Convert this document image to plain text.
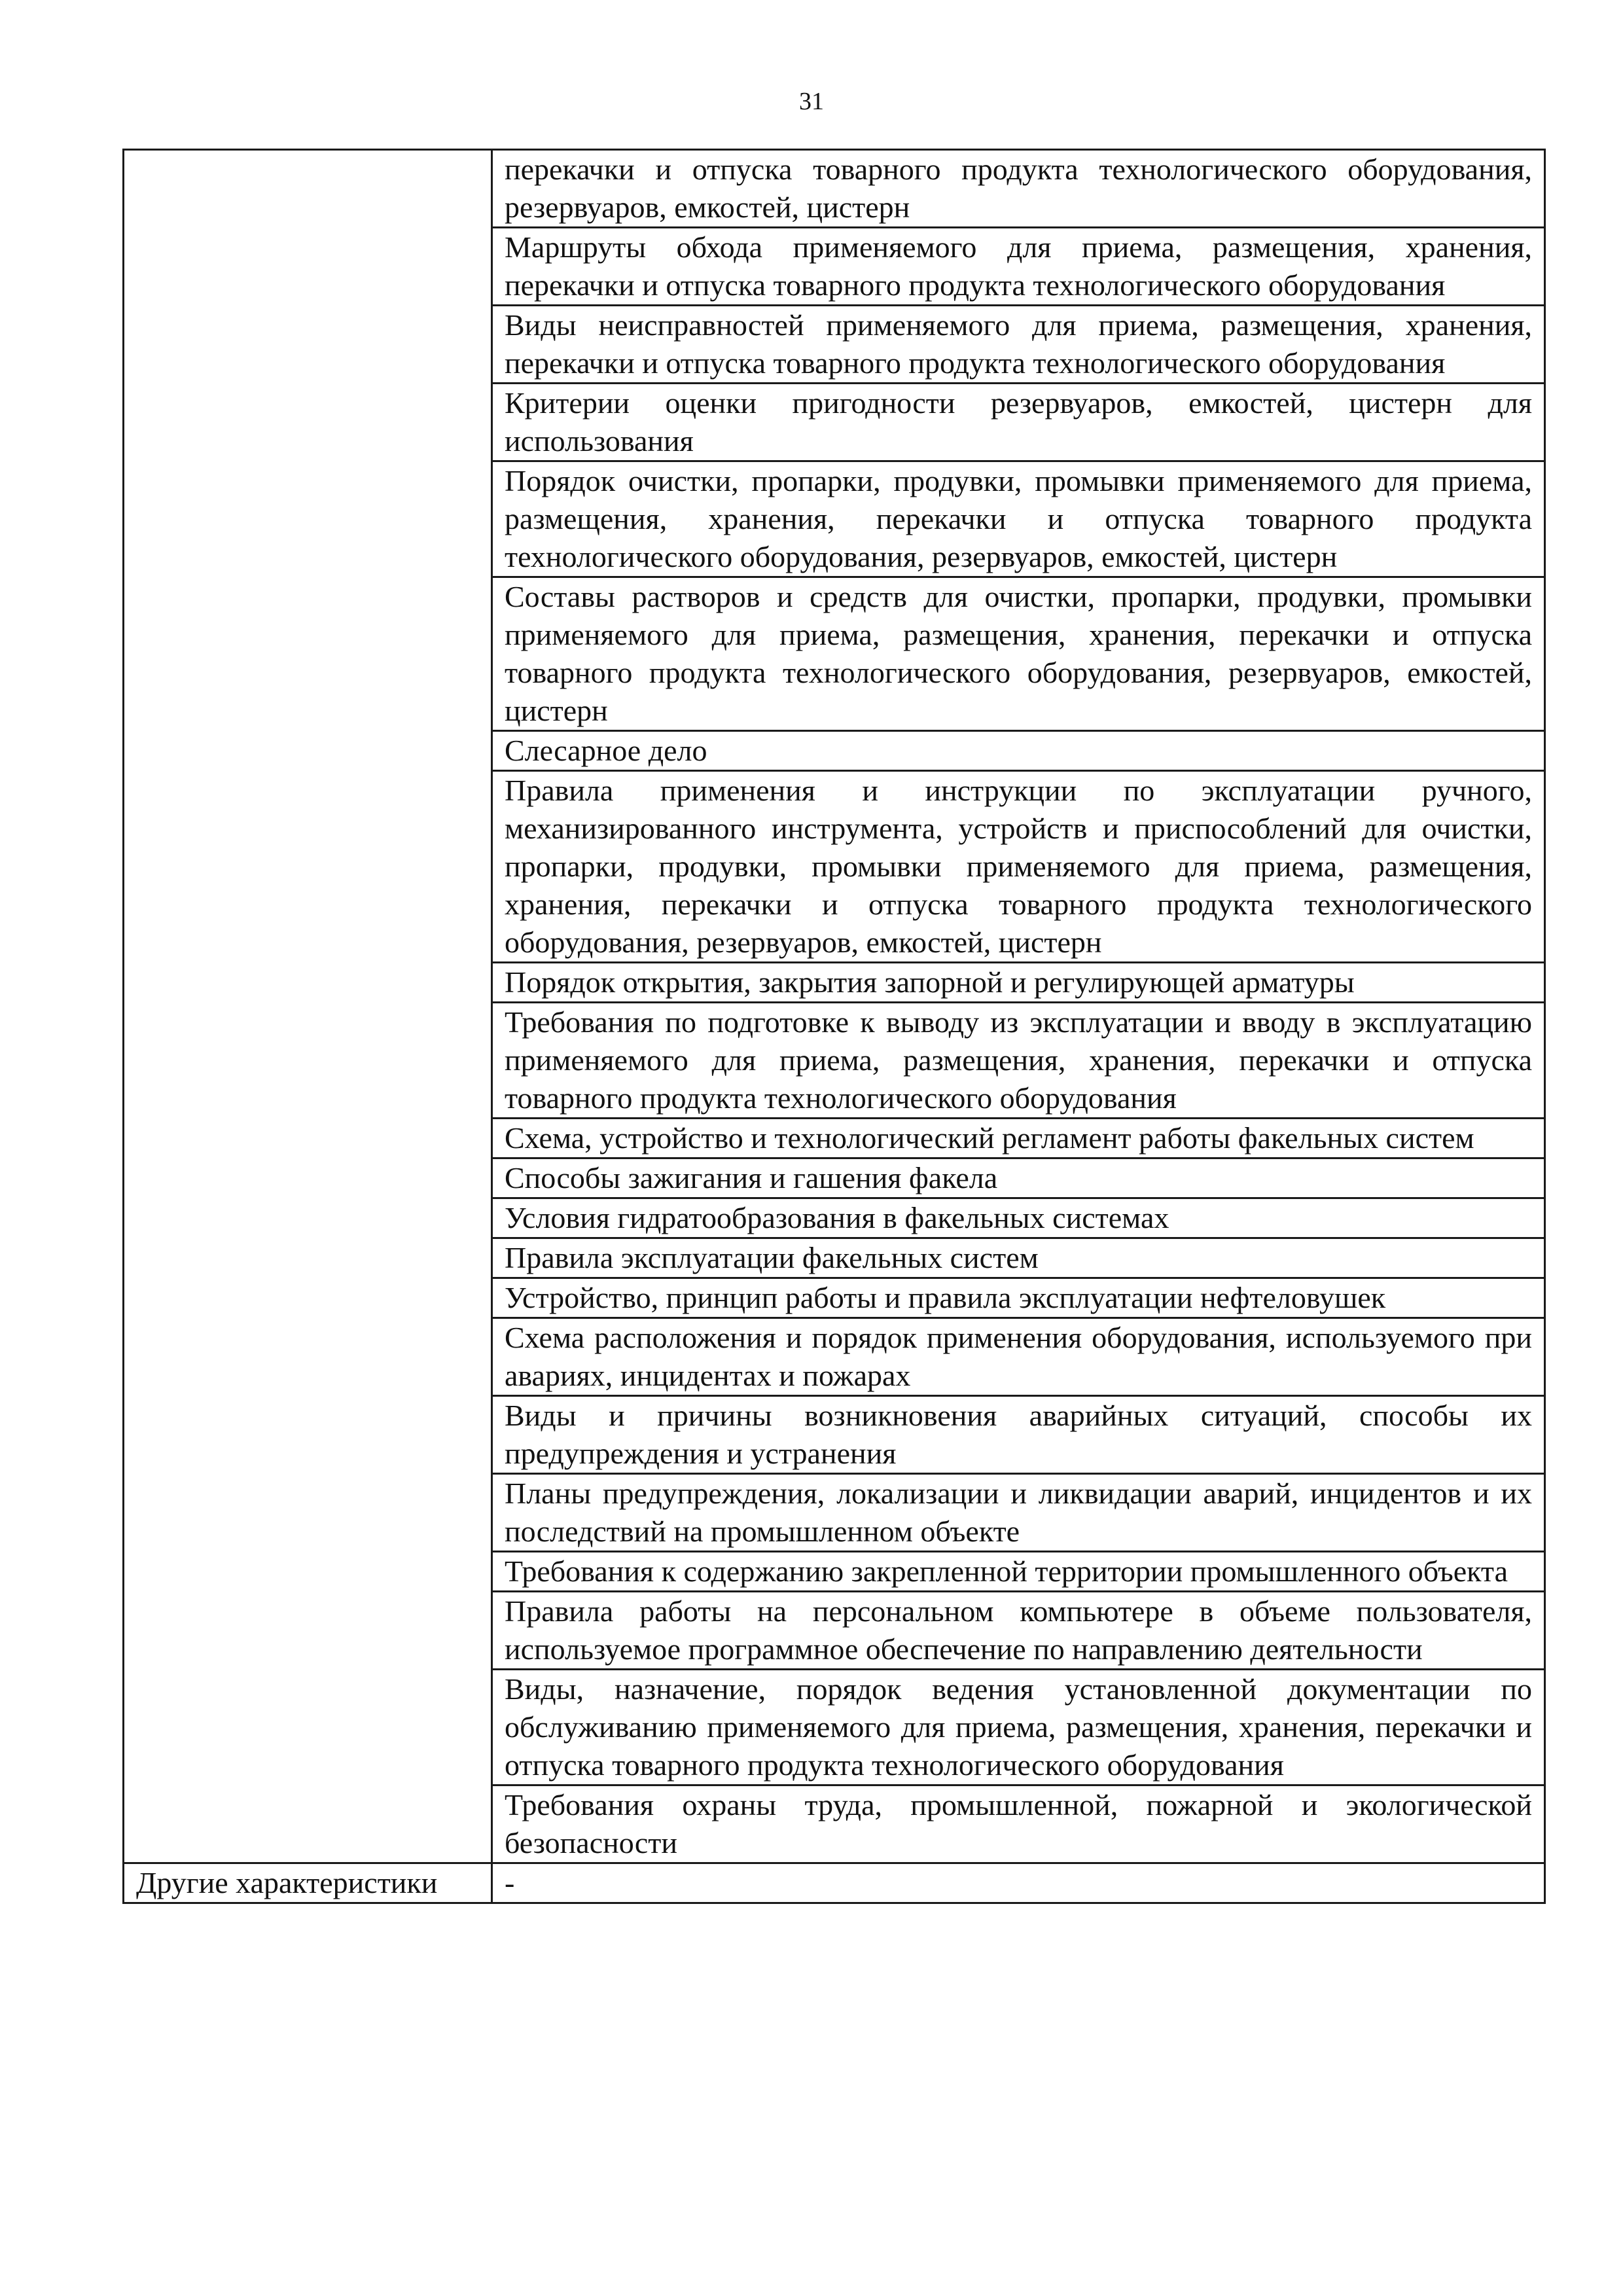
31
	перекачки и отпуска товарного продукта технологического оборудования, резервуаров, емкостей, цистерн
	Маршруты обхода применяемого для приема, размещения, хранения, перекачки и отпуска товарного продукта технологического оборудования
	Виды неисправностей применяемого для приема, размещения, хранения, перекачки и отпуска товарного продукта технологического оборудования
	Критерии оценки пригодности резервуаров, емкостей, цистерн для использования
	Порядок очистки, пропарки, продувки, промывки применяемого для приема, размещения, хранения, перекачки и отпуска товарного продукта технологического оборудования, резервуаров, емкостей, цистерн
	Составы растворов и средств для очистки, пропарки, продувки, промывки применяемого для приема, размещения, хранения, перекачки и отпуска товарного продукта технологического оборудования, резервуаров, емкостей, цистерн
	Слесарное дело
	Правила применения и инструкции по эксплуатации ручного, механизированного инструмента, устройств и приспособлений для очистки, пропарки, продувки, промывки применяемого для приема, размещения, хранения, перекачки и отпуска товарного продукта технологического оборудования, резервуаров, емкостей, цистерн
	Порядок открытия, закрытия запорной и регулирующей арматуры
	Требования по подготовке к выводу из эксплуатации и вводу в эксплуатацию применяемого для приема, размещения, хранения, перекачки и отпуска товарного продукта технологического оборудования
	Схема, устройство и технологический регламент работы факельных систем
	Способы зажигания и гашения факела
	Условия гидратообразования в факельных системах
	Правила эксплуатации факельных систем
	Устройство, принцип работы и правила эксплуатации нефтеловушек
	Схема расположения и порядок применения оборудования, используемого при авариях, инцидентах и пожарах
	Виды и причины возникновения аварийных ситуаций, способы их предупреждения и устранения
	Планы предупреждения, локализации и ликвидации аварий, инцидентов и их последствий на промышленном объекте
	Требования к содержанию закрепленной территории промышленного объекта
	Правила работы на персональном компьютере в объеме пользователя, используемое программное обеспечение по направлению деятельности
	Виды, назначение, порядок ведения установленной документации по обслуживанию применяемого для приема, размещения, хранения, перекачки и отпуска товарного продукта технологического оборудования
	Требования охраны труда, промышленной, пожарной и экологической безопасности
Другие характеристики	-
